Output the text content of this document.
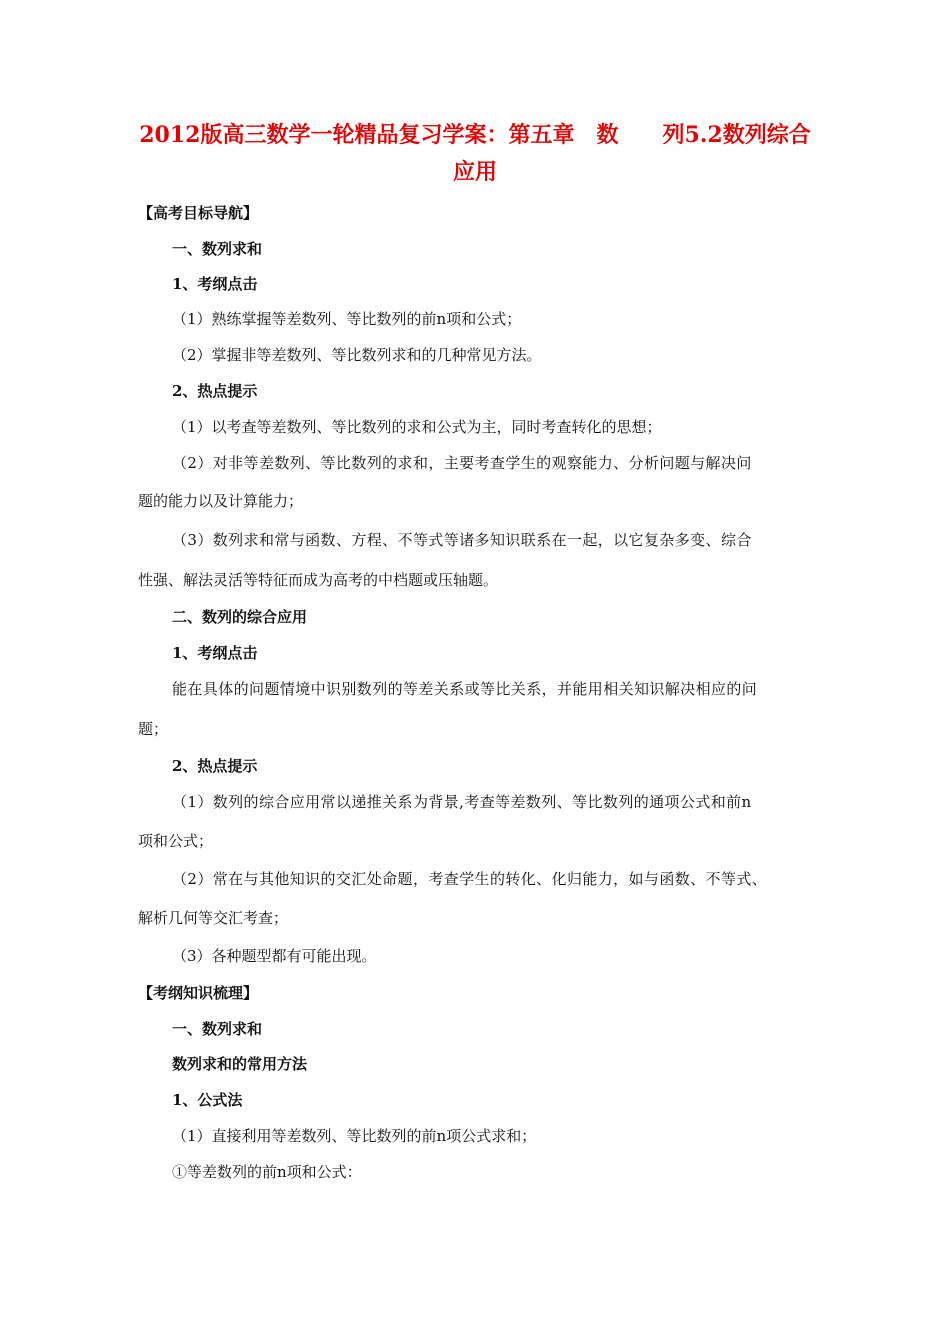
2012版高三数学一轮精品复习学案：第五章　数　　列5.2数列综合
应用
【高考目标导航】
一、数列求和
1、考纲点击
（1）熟练掌握等差数列、等比数列的前n项和公式；
（2）掌握非等差数列、等比数列求和的几种常见方法。
2、热点提示
（1）以考查等差数列、等比数列的求和公式为主，同时考查转化的思想；
（2）对非等差数列、等比数列的求和，主要考查学生的观察能力、分析问题与解决问
题的能力以及计算能力；
（3）数列求和常与函数、方程、不等式等诸多知识联系在一起，以它复杂多变、综合
性强、解法灵活等特征而成为高考的中档题或压轴题。
二、数列的综合应用
1、考纲点击
能在具体的问题情境中识别数列的等差关系或等比关系，并能用相关知识解决相应的问
题；
2、热点提示
（1）数列的综合应用常以递推关系为背景,考查等差数列、等比数列的通项公式和前n
项和公式；
（2）常在与其他知识的交汇处命题，考查学生的转化、化归能力，如与函数、不等式、
解析几何等交汇考查；
（3）各种题型都有可能出现。
【考纲知识梳理】
一、数列求和
数列求和的常用方法
1、公式法
（1）直接利用等差数列、等比数列的前n项公式求和；
①等差数列的前n项和公式：
